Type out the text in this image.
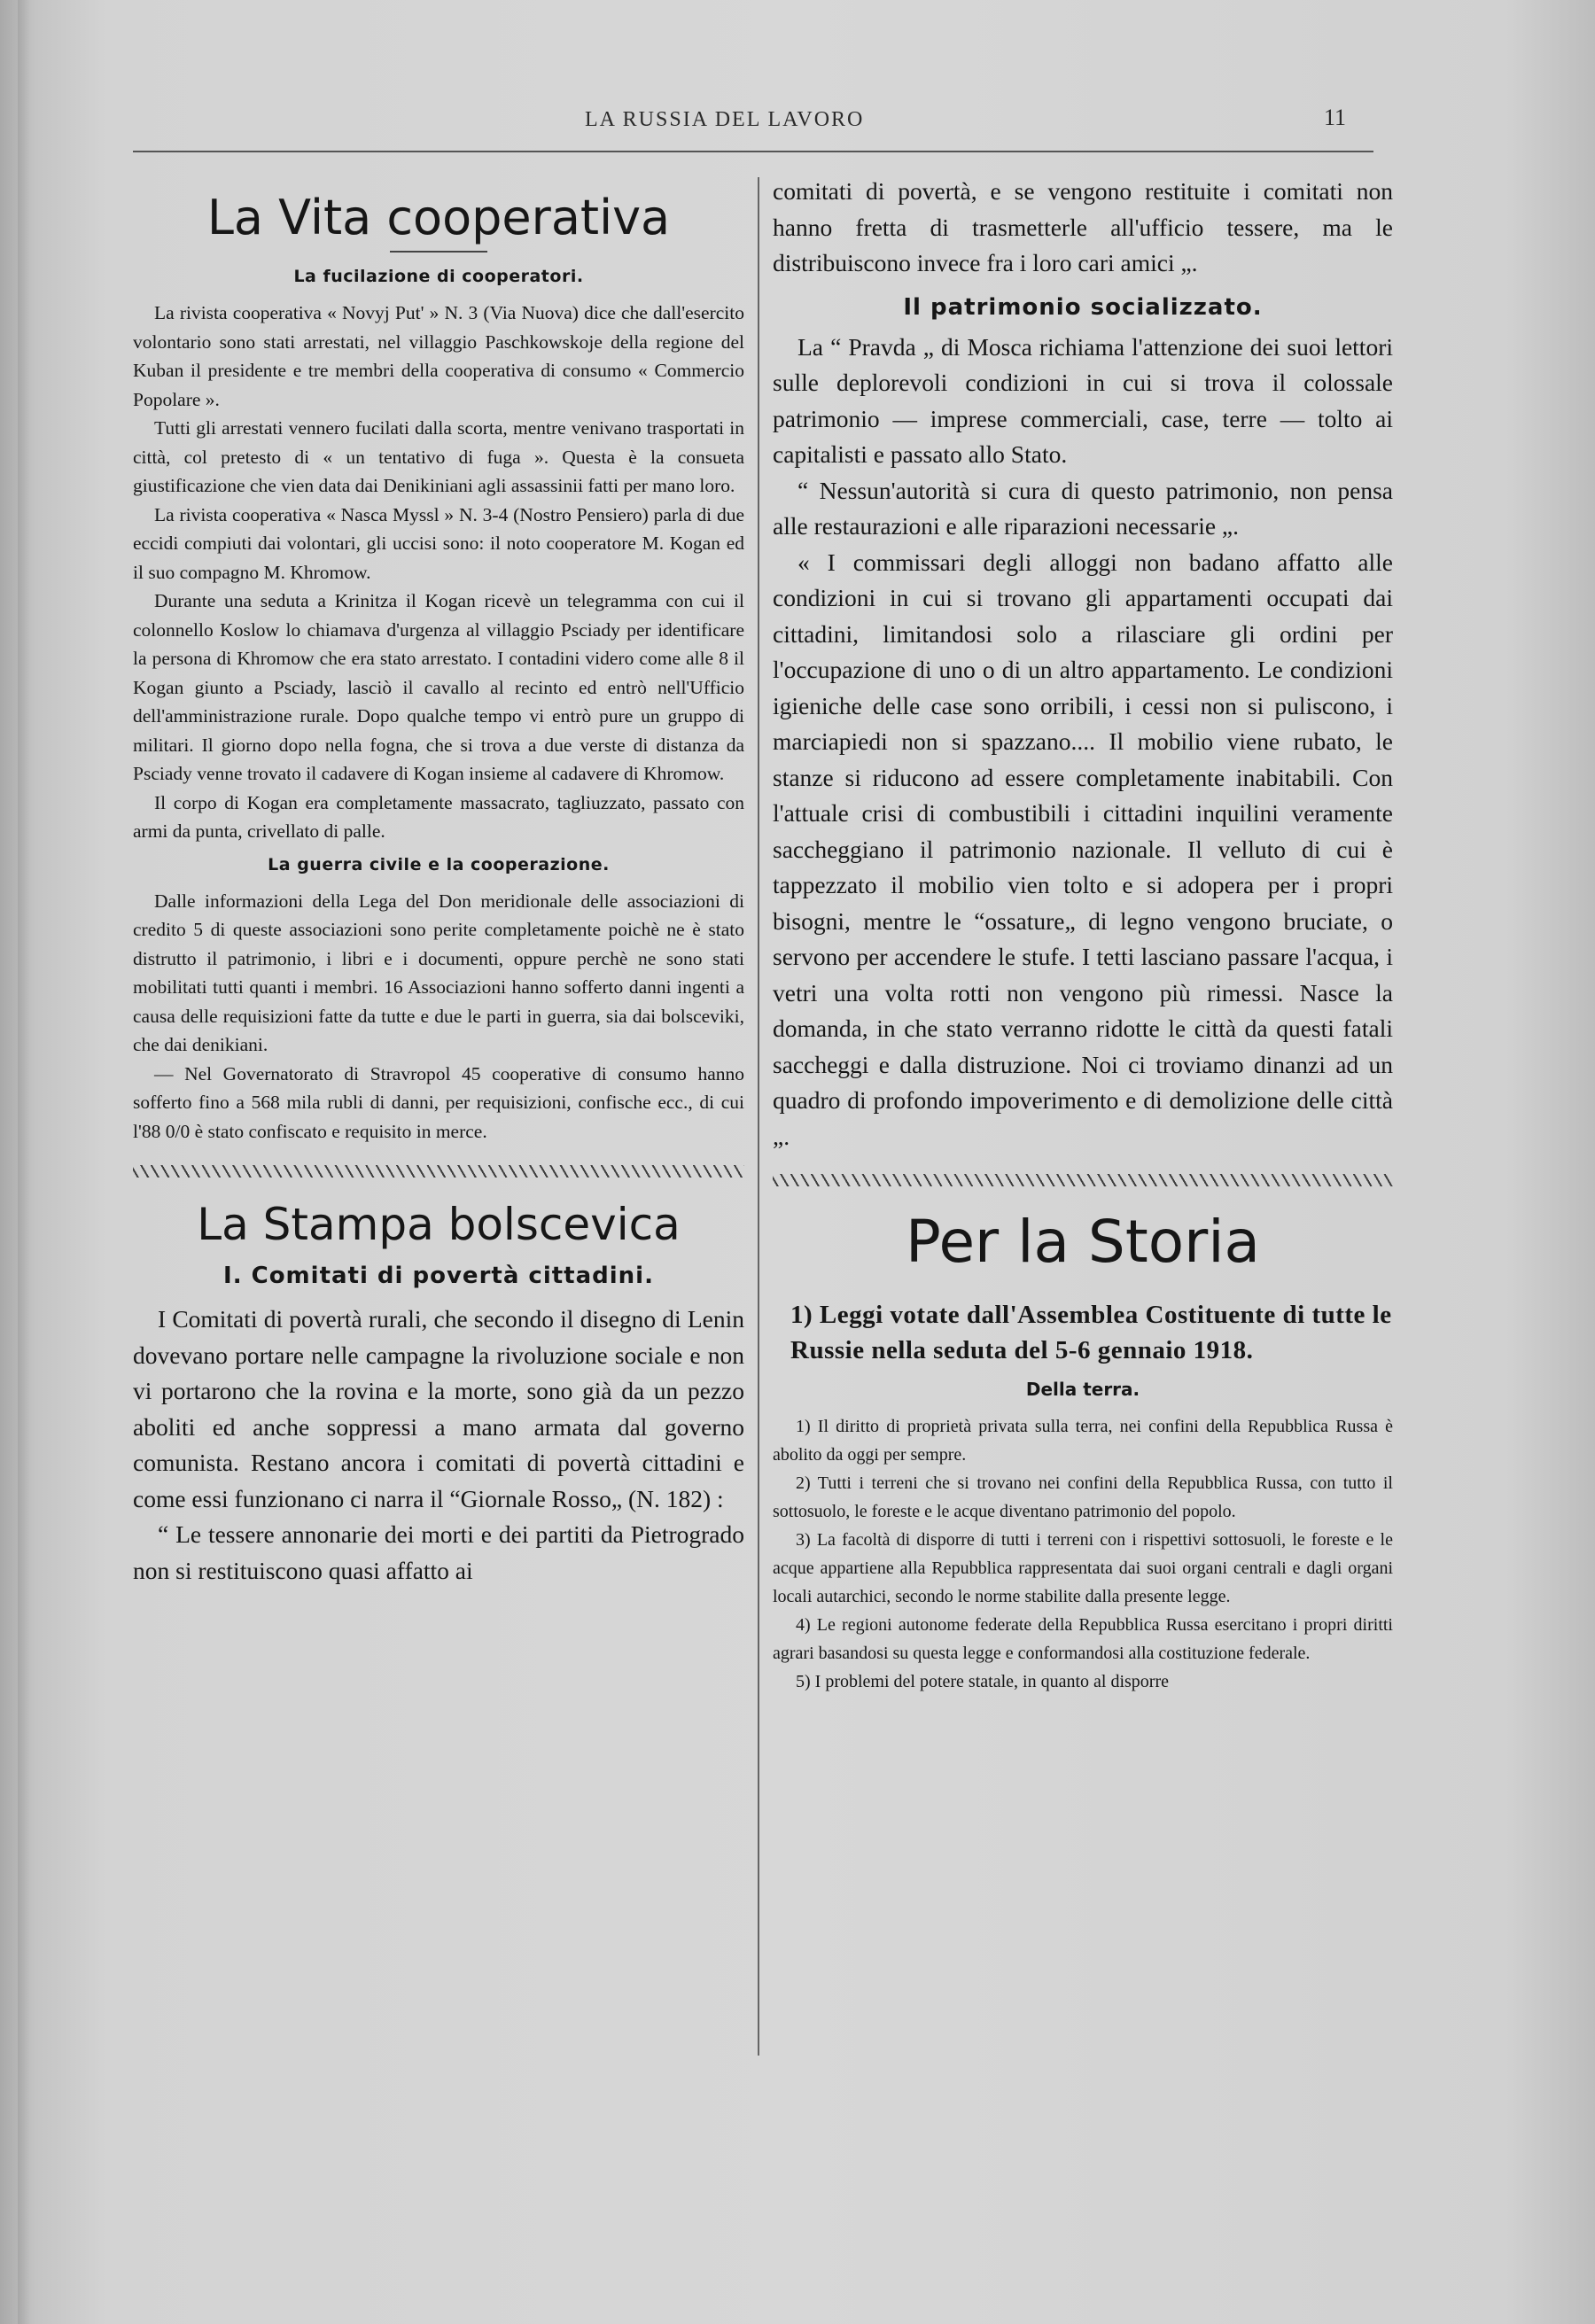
LA RUSSIA DEL LAVORO	11
La Vita cooperativa
La fucilazione di cooperatori.

La rivista cooperativa « Novyj Put' » N. 3 (Via Nuova) dice che dall'esercito volontario sono stati arrestati, nel villaggio Paschkowskoje della regione del Kuban il presidente e tre membri della cooperativa di consumo « Commercio Popolare ».

Tutti gli arrestati vennero fucilati dalla scorta, mentre venivano trasportati in città, col pretesto di « un tentativo di fuga ». Questa è la consueta giustificazione che vien data dai Denikiniani agli assassinii fatti per mano loro.

La rivista cooperativa « Nasca Myssl » N. 3-4 (Nostro Pensiero) parla di due eccidi compiuti dai volontari, gli uccisi sono: il noto cooperatore M. Kogan ed il suo compagno M. Khromow.

Durante una seduta a Krinitza il Kogan ricevè un telegramma con cui il colonnello Koslow lo chiamava d'urgenza al villaggio Psciady per identificare la persona di Khromow che era stato arrestato. I contadini videro come alle 8 il Kogan giunto a Psciady, lasciò il cavallo al recinto ed entrò nell'Ufficio dell'amministrazione rurale. Dopo qualche tempo vi entrò pure un gruppo di militari. Il giorno dopo nella fogna, che si trova a due verste di distanza da Psciady venne trovato il cadavere di Kogan insieme al cadavere di Khromow.

Il corpo di Kogan era completamente massacrato, tagliuzzato, passato con armi da punta, crivellato di palle.

La guerra civile e la cooperazione.

Dalle informazioni della Lega del Don meridionale delle associazioni di credito 5 di queste associazioni sono perite completamente poichè ne è stato distrutto il patrimonio, i libri e i documenti, oppure perchè ne sono stati mobilitati tutti quanti i membri. 16 Associazioni hanno sofferto danni ingenti a causa delle requisizioni fatte da tutte e due le parti in guerra, sia dai bolsceviki, che dai denikiani.

— Nel Governatorato di Stravropol 45 cooperative di consumo hanno sofferto fino a 568 mila rubli di danni, per requisizioni, confische ecc., di cui l'88 0/0 è stato confiscato e requisito in merce.

La Stampa bolscevica
I. Comitati di povertà cittadini.

I Comitati di povertà rurali, che secondo il disegno di Lenin dovevano portare nelle campagne la rivoluzione sociale e non vi portarono che la rovina e la morte, sono già da un pezzo aboliti ed anche soppressi a mano armata dal governo comunista. Restano ancora i comitati di povertà cittadini e come essi funzionano ci narra il “Giornale Rosso„ (N. 182) :

“ Le tessere annonarie dei morti e dei partiti da Pietrogrado non si restituiscono quasi affatto ai

comitati di povertà, e se vengono restituite i comitati non hanno fretta di trasmetterle all'ufficio tessere, ma le distribuiscono invece fra i loro cari amici „.

Il patrimonio socializzato.

La “ Pravda „ di Mosca richiama l'attenzione dei suoi lettori sulle deplorevoli condizioni in cui si trova il colossale patrimonio — imprese commerciali, case, terre — tolto ai capitalisti e passato allo Stato.

“ Nessun'autorità si cura di questo patrimonio, non pensa alle restaurazioni e alle riparazioni necessarie „.

« I commissari degli alloggi non badano affatto alle condizioni in cui si trovano gli appartamenti occupati dai cittadini, limitandosi solo a rilasciare gli ordini per l'occupazione di uno o di un altro appartamento. Le condizioni igieniche delle case sono orribili, i cessi non si puliscono, i marciapiedi non si spazzano.... Il mobilio viene rubato, le stanze si riducono ad essere completamente inabitabili. Con l'attuale crisi di combustibili i cittadini inquilini veramente saccheggiano il patrimonio nazionale. Il velluto di cui è tappezzato il mobilio vien tolto e si adopera per i propri bisogni, mentre le “ossature„ di legno vengono bruciate, o servono per accendere le stufe. I tetti lasciano passare l'acqua, i vetri una volta rotti non vengono più rimessi. Nasce la domanda, in che stato verranno ridotte le città da questi fatali saccheggi e dalla distruzione. Noi ci troviamo dinanzi ad un quadro di profondo impoverimento e di demolizione delle città „.

Per la Storia
1) Leggi votate dall'Assemblea Costituente di tutte le Russie nella seduta del 5-6 gennaio 1918.
Della terra.

1) Il diritto di proprietà privata sulla terra, nei confini della Repubblica Russa è abolito da oggi per sempre.

2) Tutti i terreni che si trovano nei confini della Repubblica Russa, con tutto il sottosuolo, le foreste e le acque diventano patrimonio del popolo.

3) La facoltà di disporre di tutti i terreni con i rispettivi sottosuoli, le foreste e le acque appartiene alla Repubblica rappresentata dai suoi organi centrali e dagli organi locali autarchici, secondo le norme stabilite dalla presente legge.

4) Le regioni autonome federate della Repubblica Russa esercitano i propri diritti agrari basandosi su questa legge e conformandosi alla costituzione federale.

5) I problemi del potere statale, in quanto al disporre
